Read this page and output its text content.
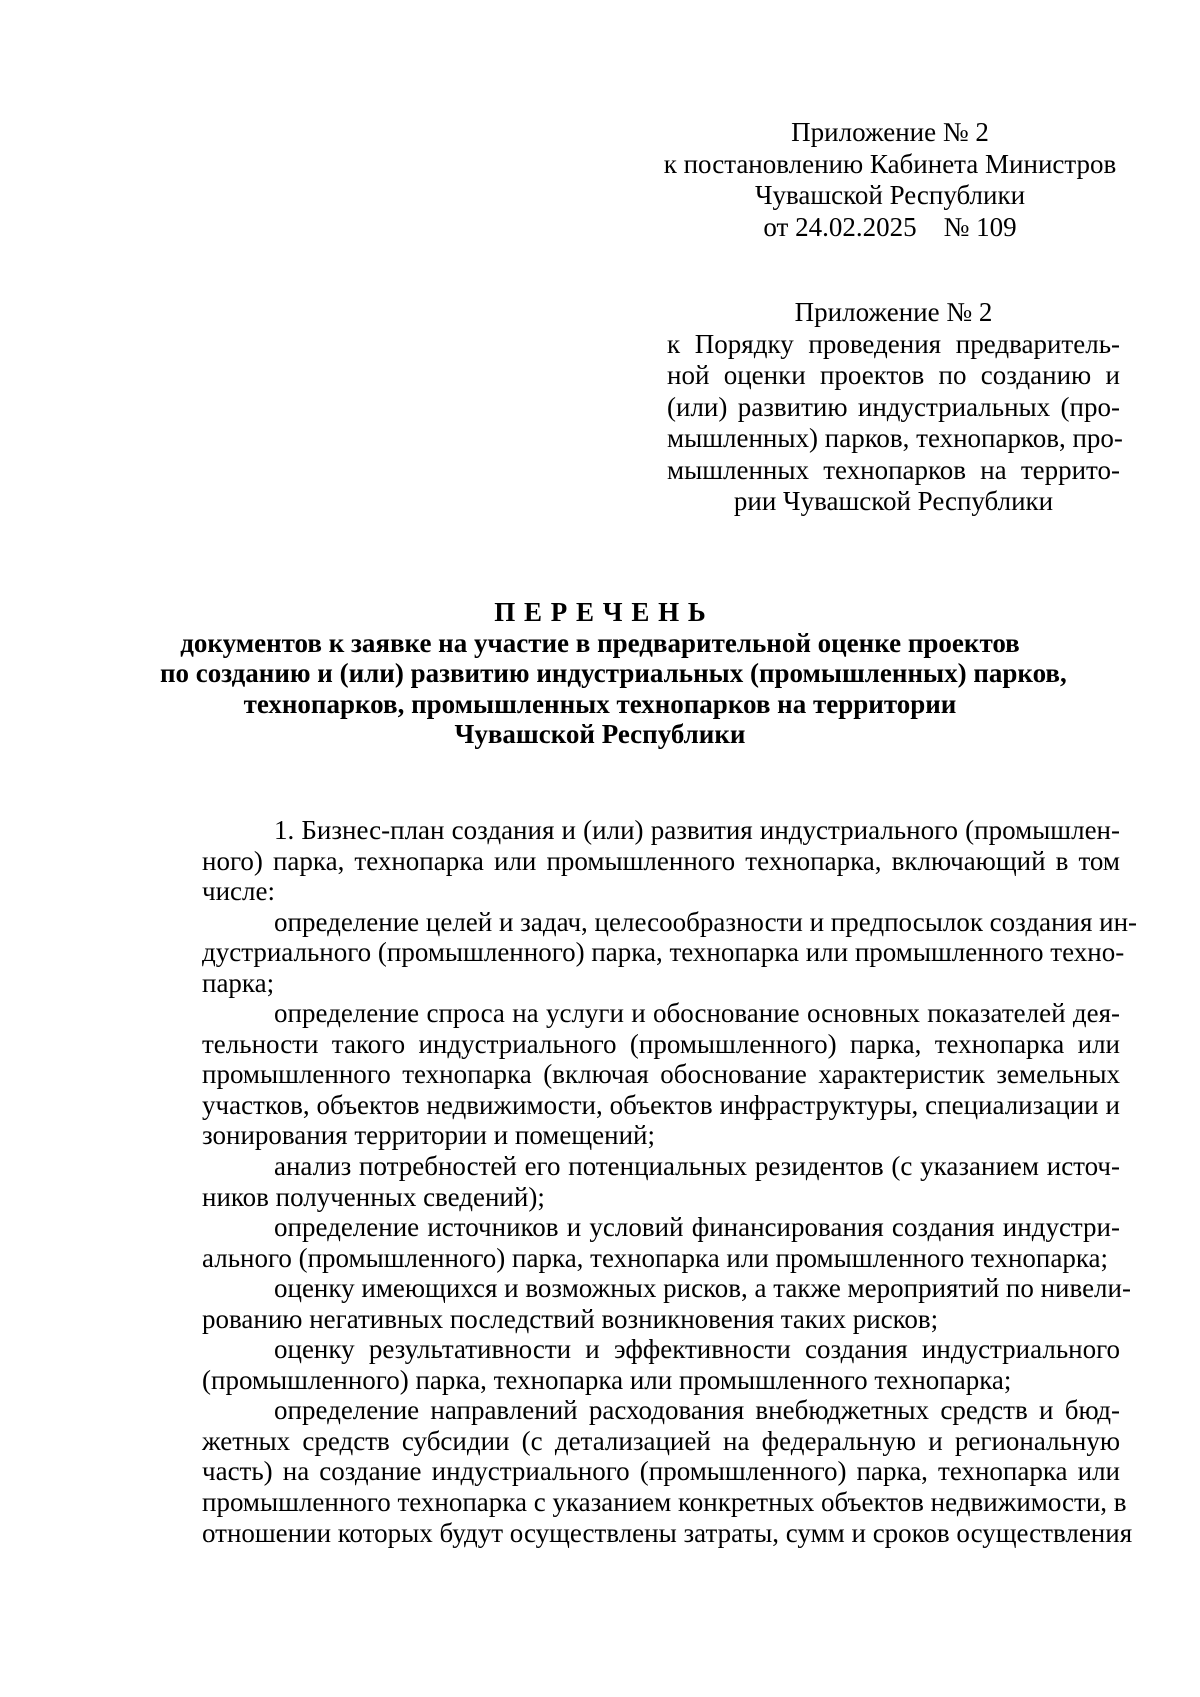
Приложение № 2
к постановлению Кабинета Министров
Чувашской Республики
от 24.02.2025    № 109
Приложение № 2
к Порядку проведения предваритель-
ной оценки проектов по созданию и
(или) развитию индустриальных (про-
мышленных) парков, технопарков, про-
мышленных технопарков на террито-
рии Чувашской Республики
П Е Р Е Ч Е Н Ь
документов к заявке на участие в предварительной оценке проектов
по созданию и (или) развитию индустриальных (промышленных) парков,
технопарков, промышленных технопарков на территории
Чувашской Республики
1. Бизнес-план создания и (или) развития индустриального (промышлен-
ного) парка, технопарка или промышленного технопарка, включающий в том
числе:
определение целей и задач, целесообразности и предпосылок создания ин-
дустриального (промышленного) парка, технопарка или промышленного техно-
парка;
определение спроса на услуги и обоснование основных показателей дея-
тельности такого индустриального (промышленного) парка, технопарка или
промышленного технопарка (включая обоснование характеристик земельных
участков, объектов недвижимости, объектов инфраструктуры, специализации и
зонирования территории и помещений;
анализ потребностей его потенциальных резидентов (с указанием источ-
ников полученных сведений);
определение источников и условий финансирования создания индустри-
ального (промышленного) парка, технопарка или промышленного технопарка;
оценку имеющихся и возможных рисков, а также мероприятий по нивели-
рованию негативных последствий возникновения таких рисков;
оценку результативности и эффективности создания индустриального
(промышленного) парка, технопарка или промышленного технопарка;
определение направлений расходования внебюджетных средств и бюд-
жетных средств субсидии (с детализацией на федеральную и региональную
часть) на создание индустриального (промышленного) парка, технопарка или
промышленного технопарка с указанием конкретных объектов недвижимости, в
отношении которых будут осуществлены затраты, сумм и сроков осуществления
